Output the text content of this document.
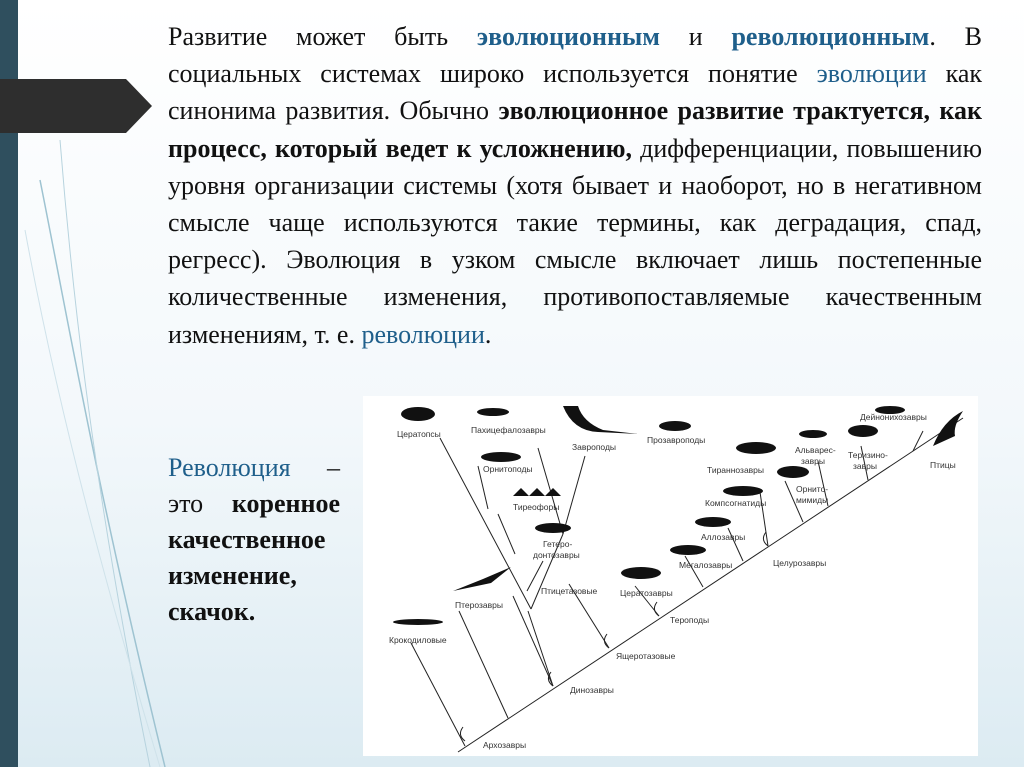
Развитие может быть эволюционным и революционным. В социальных системах широко используется понятие эволюции как синонима развития. Обычно эволюционное развитие трактуется, как процесс, который ведет к усложнению, дифференциации, повышению уровня организации системы (хотя бывает и наоборот, но в негативном смысле чаще используются такие термины, как деградация, спад, регресс). Эволюция в узком смысле включает лишь постепенные количественные изменения, противопоставляемые качественным изменениям, т. е. революции.

Революция – это коренное качественное изменение, скачок.

Цератопсы	Пахицефалозавры
Завроподы
Прозавроподы
Орнитоподы
Тиреофоры
Гетеро-
донтозавры
Птерозавры
Крокодиловые
Дейнонихозавры
Птицы
Альварес-
завры
Теризино-
завры
Тираннозавры
Орнито-
мимиды
Компсогнатиды
Аллозавры
Мегалозавры
Цератозавры
Птицетазовые
Целурозавры
Тероподы
Ящеротазовые
Динозавры
Архозавры
